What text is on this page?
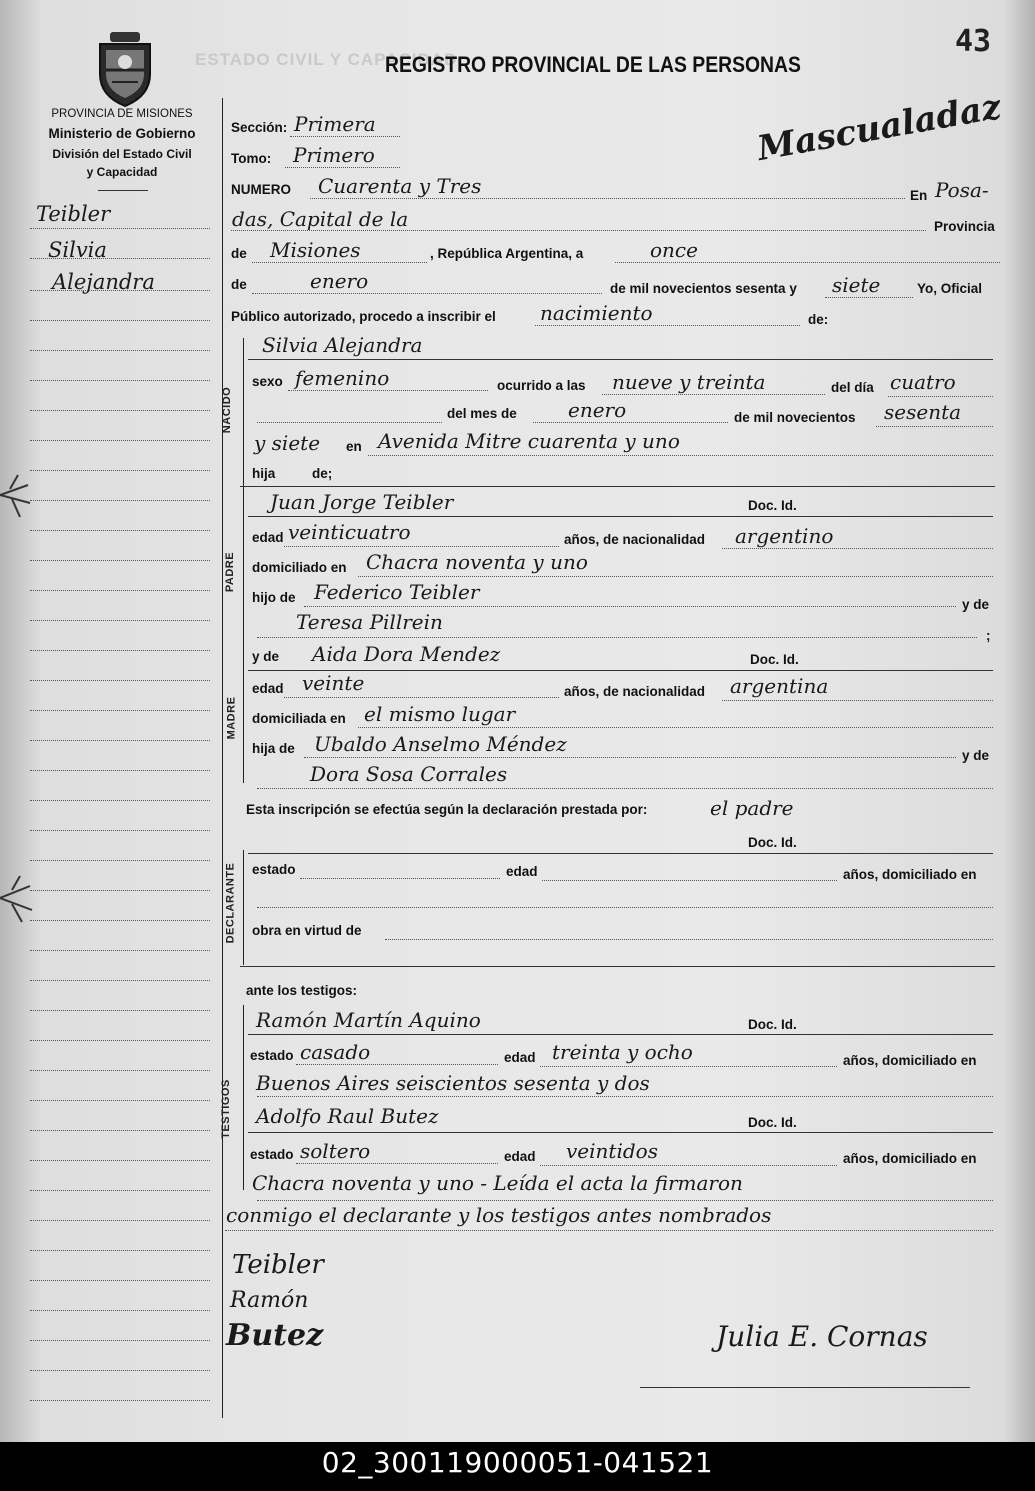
43
ESTADO CIVIL Y CAPACIDAD
REGISTRO PROVINCIAL DE LAS PERSONAS
PROVINCIA DE MISIONES
Ministerio de Gobierno
División del Estado Civil
y Capacidad
Mascualadaz
Teibler
Silvia
Alejandra
NACIDO
PADRE
MADRE
DECLARANTE
TESTIGOS
Sección: Primera
Tomo: Primero
NUMERO Cuarenta y Tres	En Posa-
das, Capital de la	Provincia
de Misiones	, República Argentina, a	once
de	enero	de mil novecientos sesenta y siete	Yo, Oficial
Público autorizado, procedo a inscribir el nacimiento	de:
Silvia Alejandra
sexo femenino	ocurrido a las nueve y treinta	del día cuatro
del mes de	enero	de mil novecientos sesenta
y siete en Avenida Mitre cuarenta y uno
hija	de;
Juan Jorge Teibler	Doc. Id.
edad veinticuatro	años, de nacionalidad argentino
domiciliado en Chacra noventa y uno
hijo de Federico Teibler
y de
Teresa Pillrein
;
y de Aida Dora Mendez	Doc. Id.
edad veinte	años, de nacionalidad argentina
domiciliada en el mismo lugar
hija de Ubaldo Anselmo Méndez	y de
Dora Sosa Corrales
Esta inscripción se efectúa según la declaración prestada por:	el padre
Doc. Id.
estado	edad	años, domiciliado en
obra en virtud de
ante los testigos:
Ramón Martín Aquino	Doc. Id.
estado casado	edad treinta y ocho	años, domiciliado en
Buenos Aires seiscientos sesenta y dos
Adolfo Raul Butez	Doc. Id.
estado soltero	edad veintidos	años, domiciliado en
Chacra noventa y uno - Leída el acta la firmaron
conmigo el declarante y los testigos antes nombrados
Teibler
Ramón
Butez	Julia E. Cornas
02_300119000051-041521
